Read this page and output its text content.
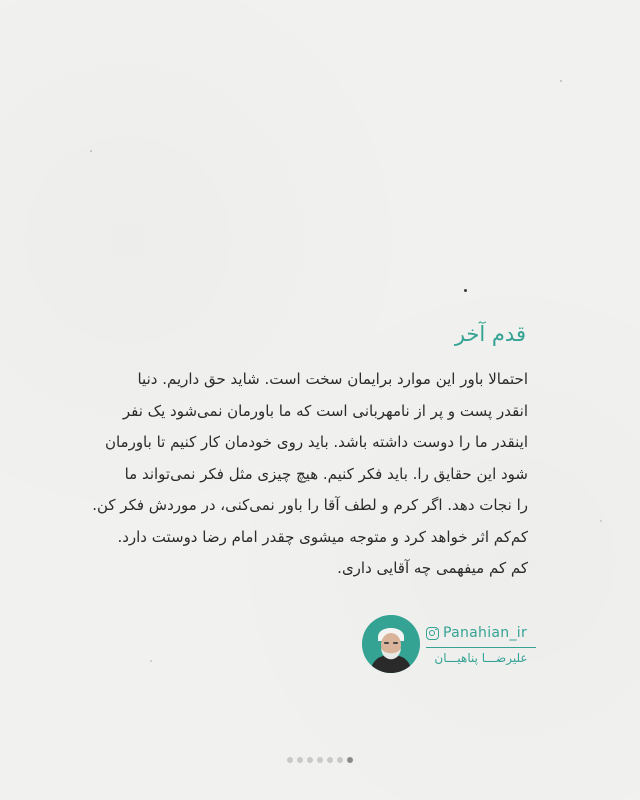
قدم آخر
احتمالا باور این موارد برایمان سخت است. شاید حق داریم. دنیا
انقدر پست و پر از نامهربانی است که ما باورمان نمی‌شود یک نفر
اینقدر ما را دوست داشته باشد. باید روی خودمان کار کنیم تا باورمان
شود این حقایق را. باید فکر کنیم. هیچ چیزی مثل فکر نمی‌تواند ما
را نجات دهد. اگر کرم و لطف آقا را باور نمی‌کنی، در موردش فکر کن.
کم‌کم اثر خواهد کرد و متوجه میشوی چقدر امام رضا دوستت دارد.
کم کم میفهمی چه آقایی داری.
Panahian_ir
علیرضـــا پناهیـــان
